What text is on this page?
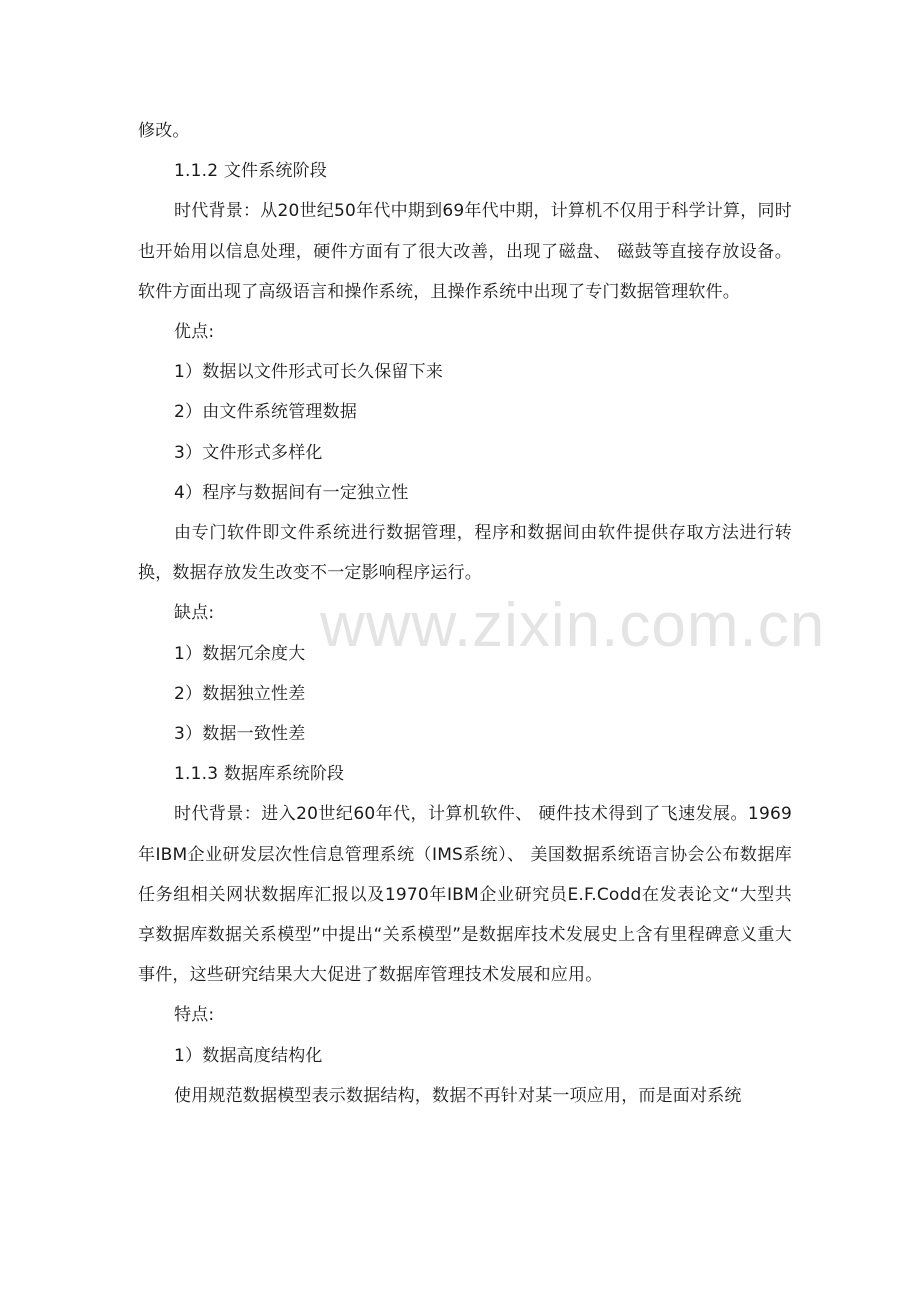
修改。

1.1.2 文件系统阶段

时代背景：从20世纪50年代中期到69年代中期，计算机不仅用于科学计算，同时也开始用以信息处理，硬件方面有了很大改善，出现了磁盘、 磁鼓等直接存放设备。软件方面出现了高级语言和操作系统，且操作系统中出现了专门数据管理软件。

优点:

1）数据以文件形式可长久保留下来

2）由文件系统管理数据

3）文件形式多样化

4）程序与数据间有一定独立性

由专门软件即文件系统进行数据管理，程序和数据间由软件提供存取方法进行转换，数据存放发生改变不一定影响程序运行。

缺点:

1）数据冗余度大

2）数据独立性差

3）数据一致性差

1.1.3 数据库系统阶段

时代背景：进入20世纪60年代，计算机软件、 硬件技术得到了飞速发展。1969年IBM企业研发层次性信息管理系统（IMS系统）、 美国数据系统语言协会公布数据库任务组相关网状数据库汇报以及1970年IBM企业研究员E.F.Codd在发表论文“大型共享数据库数据关系模型”中提出“关系模型”是数据库技术发展史上含有里程碑意义重大事件，这些研究结果大大促进了数据库管理技术发展和应用。

特点:

1）数据高度结构化

使用规范数据模型表示数据结构，数据不再针对某一项应用，而是面对系统

www.zixin.com.cn
